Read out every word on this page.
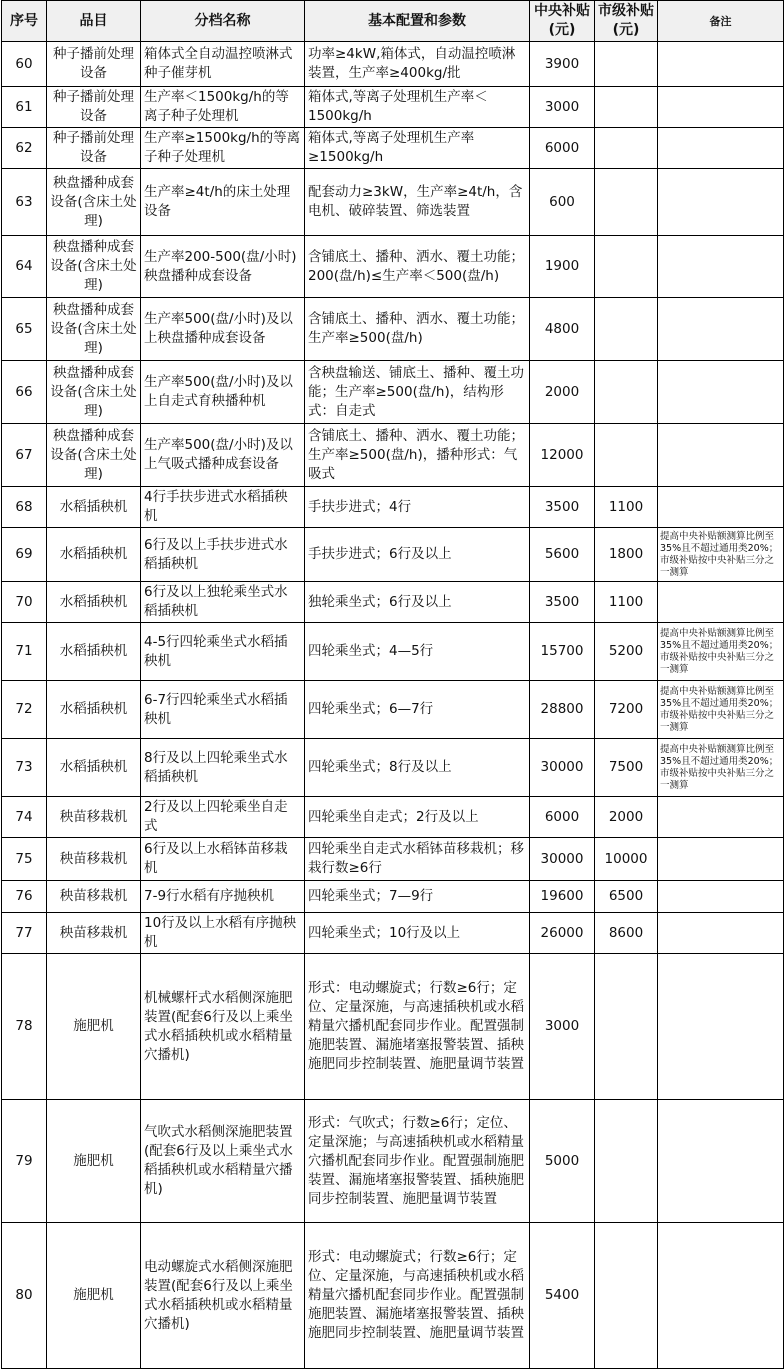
序号	品目	分档名称	基本配置和参数	中央补贴(元)	市级补贴(元)	备注
60	种子播前处理设备	箱体式全自动温控喷淋式种子催芽机	功率≥4kW,箱体式，自动温控喷淋装置，生产率≥400kg/批	3900		
61	种子播前处理设备	生产率＜1500kg/h的等离子种子处理机	箱体式,等离子处理机生产率＜1500kg/h	3000		
62	种子播前处理设备	生产率≥1500kg/h的等离子种子处理机	箱体式,等离子处理机生产率≥1500kg/h	6000		
63	秧盘播种成套设备(含床土处理)	生产率≥4t/h的床土处理设备	配套动力≥3kW，生产率≥4t/h，含电机、破碎装置、筛选装置	600		
64	秧盘播种成套设备(含床土处理)	生产率200-500(盘/小时)秧盘播种成套设备	含铺底土、播种、洒水、覆土功能；200(盘/h)≤生产率＜500(盘/h)	1900		
65	秧盘播种成套设备(含床土处理)	生产率500(盘/小时)及以上秧盘播种成套设备	含铺底土、播种、洒水、覆土功能；生产率≥500(盘/h)	4800		
66	秧盘播种成套设备(含床土处理)	生产率500(盘/小时)及以上自走式育秧播种机	含秧盘输送、铺底土、播种、覆土功能；生产率≥500(盘/h)，结构形式：自走式	2000		
67	秧盘播种成套设备(含床土处理)	生产率500(盘/小时)及以上气吸式播种成套设备	含铺底土、播种、洒水、覆土功能；生产率≥500(盘/h)，播种形式：气吸式	12000		
68	水稻插秧机	4行手扶步进式水稻插秧机	手扶步进式；4行	3500	1100	
69	水稻插秧机	6行及以上手扶步进式水稻插秧机	手扶步进式；6行及以上	5600	1800	提高中央补贴额测算比例至35%且不超过通用类20%；市级补贴按中央补贴三分之一测算
70	水稻插秧机	6行及以上独轮乘坐式水稻插秧机	独轮乘坐式；6行及以上	3500	1100	
71	水稻插秧机	4-5行四轮乘坐式水稻插秧机	四轮乘坐式；4—5行	15700	5200	提高中央补贴额测算比例至35%且不超过通用类20%；市级补贴按中央补贴三分之一测算
72	水稻插秧机	6-7行四轮乘坐式水稻插秧机	四轮乘坐式；6—7行	28800	7200	提高中央补贴额测算比例至35%且不超过通用类20%；市级补贴按中央补贴三分之一测算
73	水稻插秧机	8行及以上四轮乘坐式水稻插秧机	四轮乘坐式；8行及以上	30000	7500	提高中央补贴额测算比例至35%且不超过通用类20%；市级补贴按中央补贴三分之一测算
74	秧苗移栽机	2行及以上四轮乘坐自走式	四轮乘坐自走式；2行及以上	6000	2000	
75	秧苗移栽机	6行及以上水稻钵苗移栽机	四轮乘坐自走式水稻钵苗移栽机；移栽行数≥6行	30000	10000	
76	秧苗移栽机	7-9行水稻有序抛秧机	四轮乘坐式；7—9行	19600	6500	
77	秧苗移栽机	10行及以上水稻有序抛秧机	四轮乘坐式；10行及以上	26000	8600	
78	施肥机	机械螺杆式水稻侧深施肥装置(配套6行及以上乘坐式水稻插秧机或水稻精量穴播机)	形式：电动螺旋式；行数≥6行；定位、定量深施，与高速插秧机或水稻精量穴播机配套同步作业。配置强制施肥装置、漏施堵塞报警装置、插秧施肥同步控制装置、施肥量调节装置	3000		
79	施肥机	气吹式水稻侧深施肥装置(配套6行及以上乘坐式水稻插秧机或水稻精量穴播机)	形式：气吹式；行数≥6行；定位、定量深施；与高速插秧机或水稻精量穴播机配套同步作业。配置强制施肥装置、漏施堵塞报警装置、插秧施肥同步控制装置、施肥量调节装置	5000		
80	施肥机	电动螺旋式水稻侧深施肥装置(配套6行及以上乘坐式水稻插秧机或水稻精量穴播机)	形式：电动螺旋式；行数≥6行；定位、定量深施，与高速插秧机或水稻精量穴播机配套同步作业。配置强制施肥装置、漏施堵塞报警装置、插秧施肥同步控制装置、施肥量调节装置	5400		
